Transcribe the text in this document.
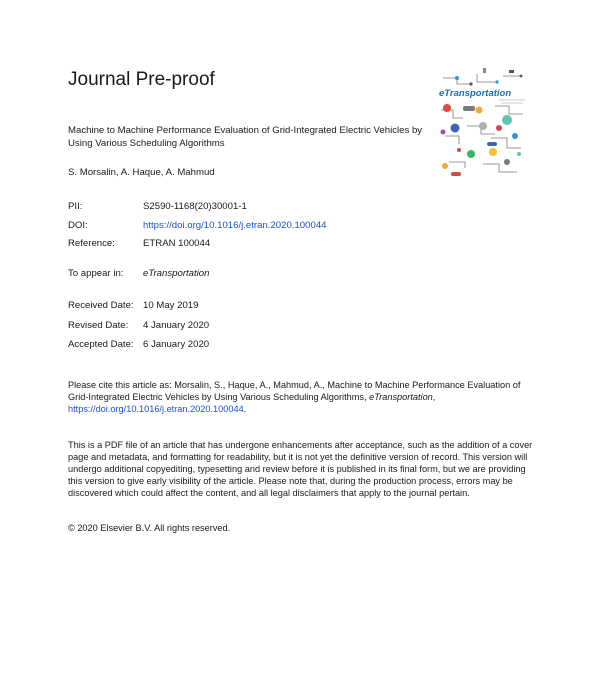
Journal Pre-proof
eTransportation
Machine to Machine Performance Evaluation of Grid-Integrated Electric Vehicles by Using Various Scheduling Algorithms
S. Morsalin, A. Haque, A. Mahmud
PII:	S2590-1168(20)30001-1
DOI:	https://doi.org/10.1016/j.etran.2020.100044
Reference:	ETRAN 100044
To appear in: eTransportation
Received Date: 10 May 2019
Revised Date: 4 January 2020
Accepted Date: 6 January 2020
Please cite this article as: Morsalin, S., Haque, A., Mahmud, A., Machine to Machine Performance Evaluation of Grid-Integrated Electric Vehicles by Using Various Scheduling Algorithms, eTransportation, https://doi.org/10.1016/j.etran.2020.100044.
This is a PDF file of an article that has undergone enhancements after acceptance, such as the addition of a cover page and metadata, and formatting for readability, but it is not yet the definitive version of record. This version will undergo additional copyediting, typesetting and review before it is published in its final form, but we are providing this version to give early visibility of the article. Please note that, during the production process, errors may be discovered which could affect the content, and all legal disclaimers that apply to the journal pertain.
© 2020 Elsevier B.V. All rights reserved.
